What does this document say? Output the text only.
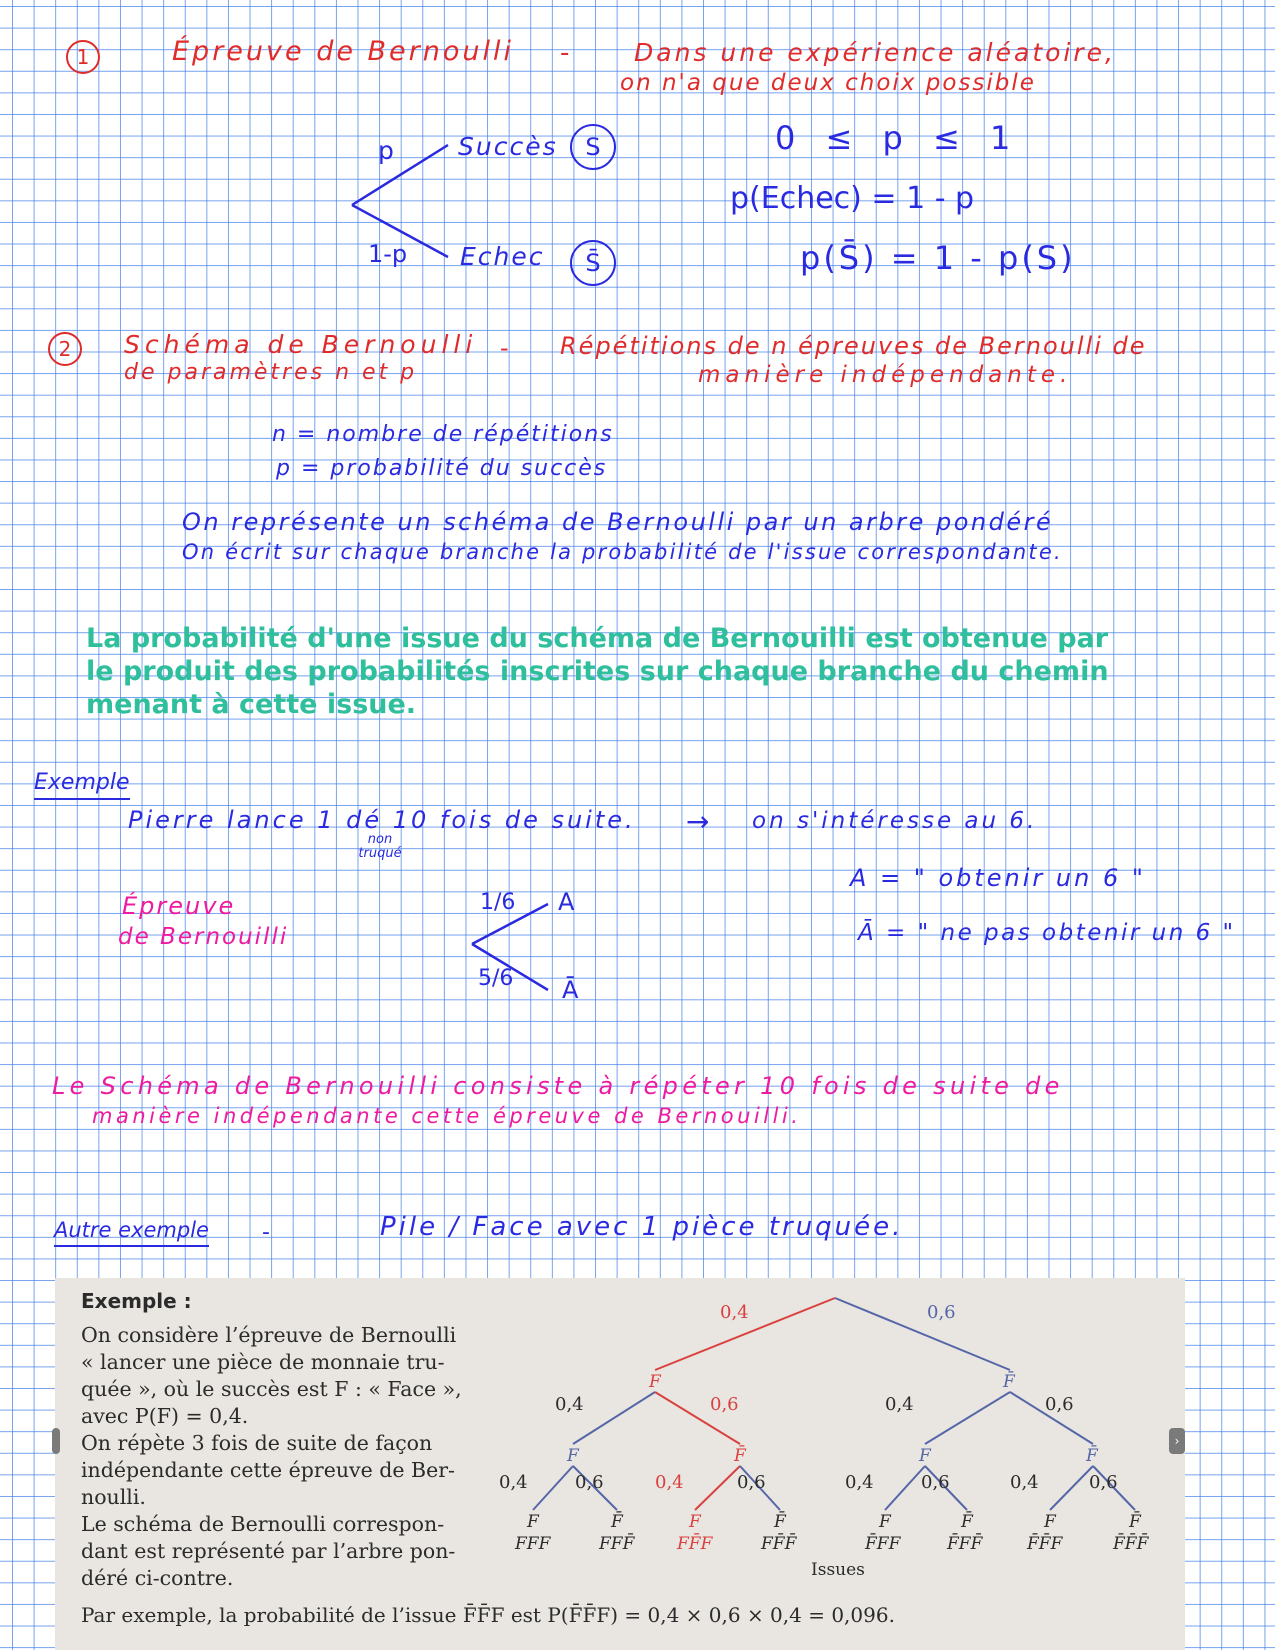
1	Épreuve de Bernoulli -	Dans une expérience aléatoire,
on n'a que deux choix possible
p	Succès	S
1-p Echec	S̄
0 ≤ p ≤ 1
p(Echec) = 1 - p
p(S̄) = 1 - p(S)
2	Schéma de Bernoulli
de paramètres n et p
- Répétitions de n épreuves de Bernoulli de
manière indépendante.
n = nombre de répétitions
p = probabilité du succès
On représente un schéma de Bernoulli par un arbre pondéré
On écrit sur chaque branche la probabilité de l'issue correspondante.
La probabilité d'une issue du schéma de Bernouilli est obtenue par le produit des probabilités inscrites sur chaque branche du chemin menant à cette issue.
Exemple
Pierre lance 1 dé 10 fois de suite.
non truqué
→ on s'intéresse au 6.
Épreuve
de Bernouilli
1/6
5/6
A
Ā
A = " obtenir un 6 "
Ā = " ne pas obtenir un 6 "
Le Schéma de Bernouilli consiste à répéter 10 fois de suite de
manière indépendante cette épreuve de Bernouilli.
Autre exemple -	Pile / Face avec 1 pièce truquée.
Exemple :
On considère l’épreuve de Bernoulli
« lancer une pièce de monnaie tru-
quée », où le succès est F : « Face »,
avec P(F) = 0,4.
On répète 3 fois de suite de façon
indépendante cette épreuve de Ber-
noulli.
Le schéma de Bernoulli correspon-
dant est représenté par l’arbre pon-
déré ci-contre.
Par exemple, la probabilité de l’issue F̄F̄F est P(F̄F̄F) = 0,4 × 0,6 × 0,4 = 0,096.
0,4	0,6
F	F̄
0,4	0,6	0,4	0,6
F	F̄	F	F̄
0,4	0,6	0,4	0,6	0,4	0,6	0,4	0,6
F	F̄	F	F̄	F	F̄	F	F̄
FFF	FFF̄	FF̄F	FF̄F̄	F̄FF	F̄FF̄	F̄F̄F	F̄F̄F̄
Issues
›
